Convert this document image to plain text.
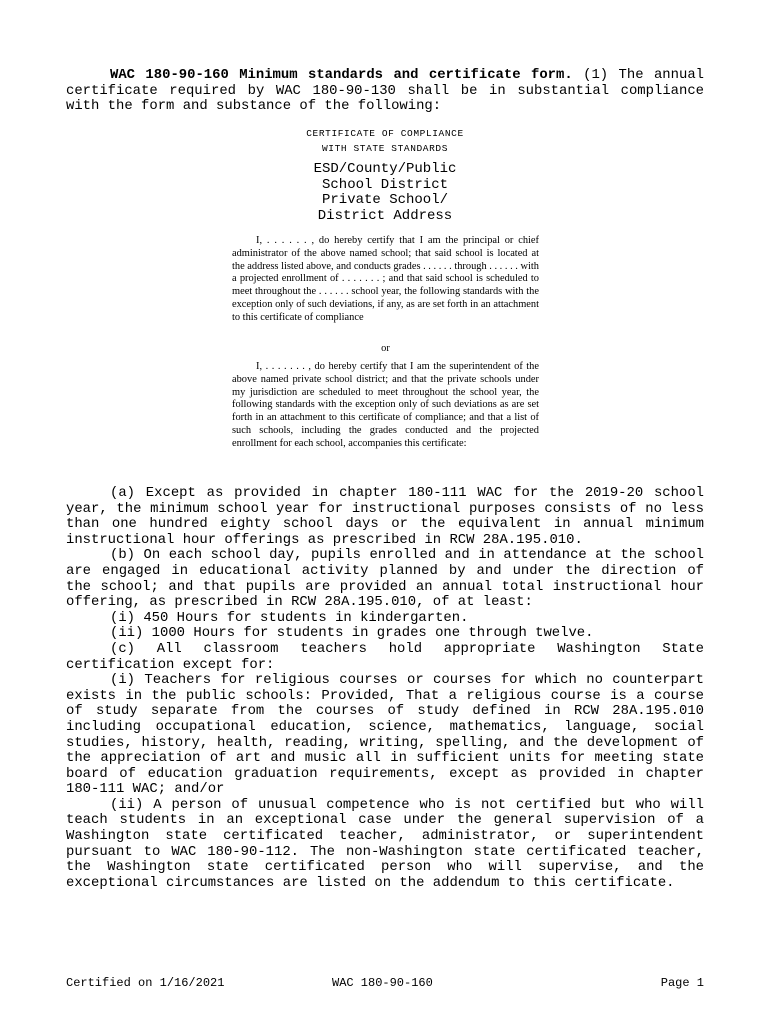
WAC 180-90-160 Minimum standards and certificate form. (1) The annual certificate required by WAC 180-90-130 shall be in substantial compliance with the form and substance of the following:
CERTIFICATE OF COMPLIANCE
WITH STATE STANDARDS
ESD/County/Public
School District
Private School/
District Address
I, . . . . . . , do hereby certify that I am the principal or chief administrator of the above named school; that said school is located at the address listed above, and conducts grades . . . . . . through . . . . . . with a projected enrollment of . . . . . . . ; and that said school is scheduled to meet throughout the . . . . . . school year, the following standards with the exception only of such deviations, if any, as are set forth in an attachment to this certificate of compliance
or
I, . . . . . . . , do hereby certify that I am the superintendent of the above named private school district; and that the private schools under my jurisdiction are scheduled to meet throughout the school year, the following standards with the exception only of such deviations as are set forth in an attachment to this certificate of compliance; and that a list of such schools, including the grades conducted and the projected enrollment for each school, accompanies this certificate:

(a) Except as provided in chapter 180-111 WAC for the 2019-20 school year, the minimum school year for instructional purposes consists of no less than one hundred eighty school days or the equivalent in annual minimum instructional hour offerings as prescribed in RCW 28A.195.010.

(b) On each school day, pupils enrolled and in attendance at the school are engaged in educational activity planned by and under the direction of the school; and that pupils are provided an annual total instructional hour offering, as prescribed in RCW 28A.195.010, of at least:

(i) 450 Hours for students in kindergarten.

(ii) 1000 Hours for students in grades one through twelve.

(c) All classroom teachers hold appropriate Washington State certification except for:

(i) Teachers for religious courses or courses for which no counterpart exists in the public schools: Provided, That a religious course is a course of study separate from the courses of study defined in RCW 28A.195.010 including occupational education, science, mathematics, language, social studies, history, health, reading, writing, spelling, and the development of the appreciation of art and music all in sufficient units for meeting state board of education graduation requirements, except as provided in chapter 180-111 WAC; and/or

(ii) A person of unusual competence who is not certified but who will teach students in an exceptional case under the general supervision of a Washington state certificated teacher, administrator, or superintendent pursuant to WAC 180-90-112. The non-Washington state certificated teacher, the Washington state certificated person who will supervise, and the exceptional circumstances are listed on the addendum to this certificate.

Certified on 1/16/2021	WAC 180-90-160	Page 1
